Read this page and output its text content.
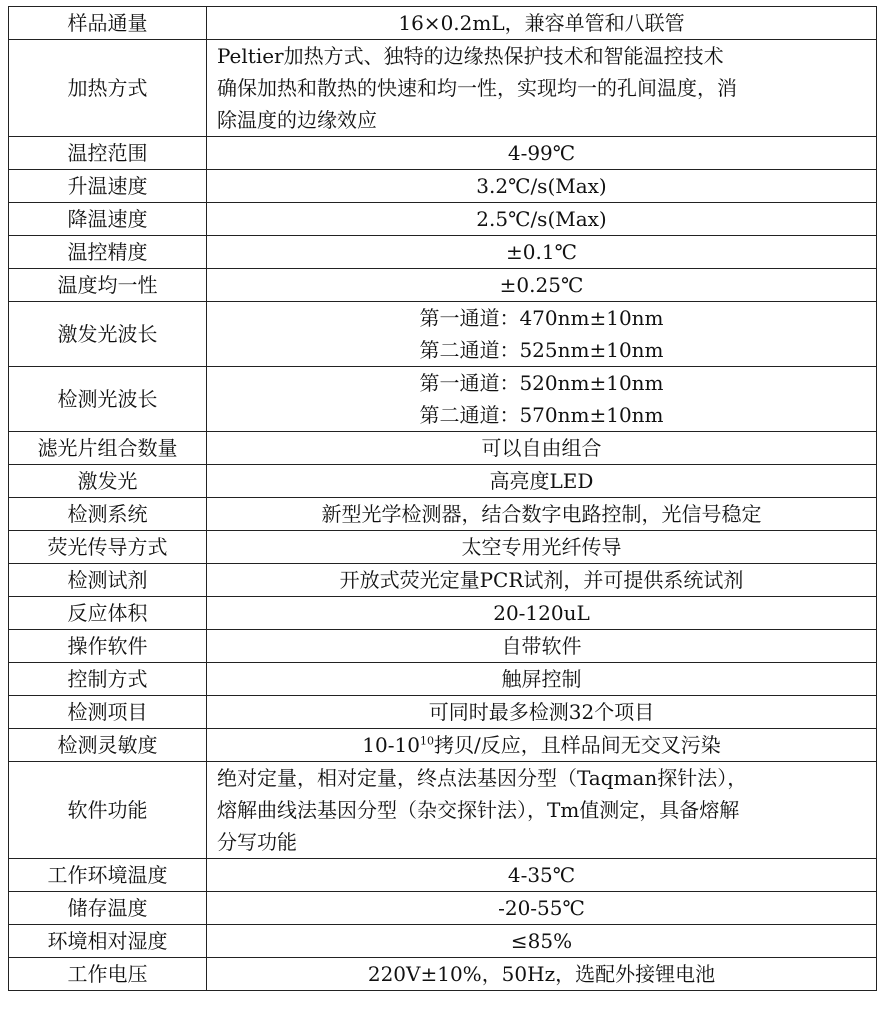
样品通量	16×0.2mL，兼容单管和八联管
加热方式	Peltier加热方式、独特的边缘热保护技术和智能温控技术
确保加热和散热的快速和均一性，实现均一的孔间温度，消
除温度的边缘效应

温控范围	4-99℃
升温速度	3.2℃/s(Max)
降温速度	2.5℃/s(Max)
温控精度	±0.1℃
温度均一性	±0.25℃
激发光波长	第一通道：470nm±10nm
第二通道：525nm±10nm

检测光波长	第一通道：520nm±10nm
第二通道：570nm±10nm

滤光片组合数量	可以自由组合
激发光	高亮度LED
检测系统	新型光学检测器，结合数字电路控制，光信号稳定
荧光传导方式	太空专用光纤传导
检测试剂	开放式荧光定量PCR试剂，并可提供系统试剂
反应体积	20-120uL
操作软件	自带软件
控制方式	触屏控制
检测项目	可同时最多检测32个项目
检测灵敏度	$10-10^{10}$拷贝/反应，且样品间无交叉污染
软件功能	绝对定量，相对定量，终点法基因分型（Taqman探针法），
熔解曲线法基因分型（杂交探针法），Tm值测定，具备熔解
分写功能

工作环境温度	4-35℃
储存温度	-20-55℃
环境相对湿度	≤85%
工作电压	220V±10%，50Hz，选配外接锂电池
